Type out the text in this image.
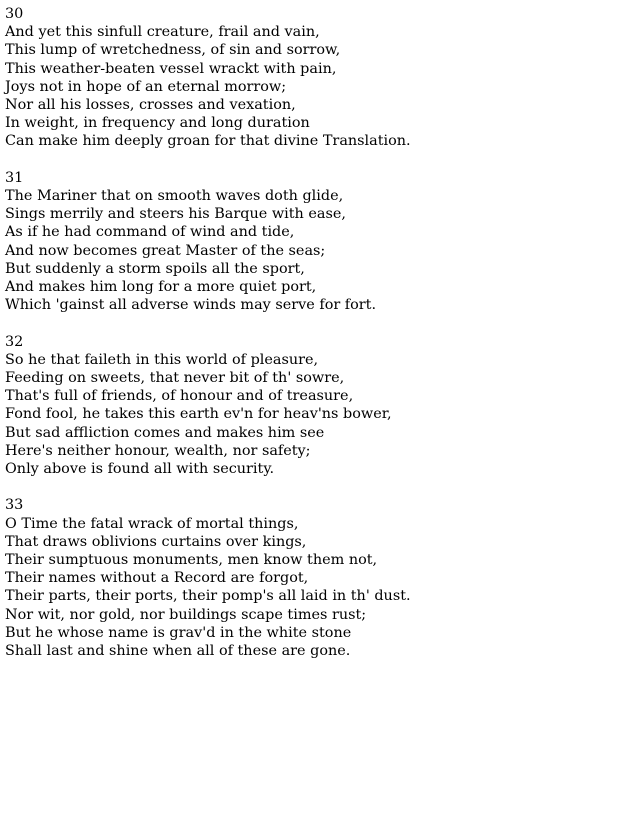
30
And yet this sinfull creature, frail and vain,
This lump of wretchedness, of sin and sorrow,
This weather-beaten vessel wrackt with pain,
Joys not in hope of an eternal morrow;
Nor all his losses, crosses and vexation,
In weight, in frequency and long duration
Can make him deeply groan for that divine Translation.
31
The Mariner that on smooth waves doth glide,
Sings merrily and steers his Barque with ease,
As if he had command of wind and tide,
And now becomes great Master of the seas;
But suddenly a storm spoils all the sport,
And makes him long for a more quiet port,
Which 'gainst all adverse winds may serve for fort.
32
So he that faileth in this world of pleasure,
Feeding on sweets, that never bit of th' sowre,
That's full of friends, of honour and of treasure,
Fond fool, he takes this earth ev'n for heav'ns bower,
But sad affliction comes and makes him see
Here's neither honour, wealth, nor safety;
Only above is found all with security.
33
O Time the fatal wrack of mortal things,
That draws oblivions curtains over kings,
Their sumptuous monuments, men know them not,
Their names without a Record are forgot,
Their parts, their ports, their pomp's all laid in th' dust.
Nor wit, nor gold, nor buildings scape times rust;
But he whose name is grav'd in the white stone
Shall last and shine when all of these are gone.
